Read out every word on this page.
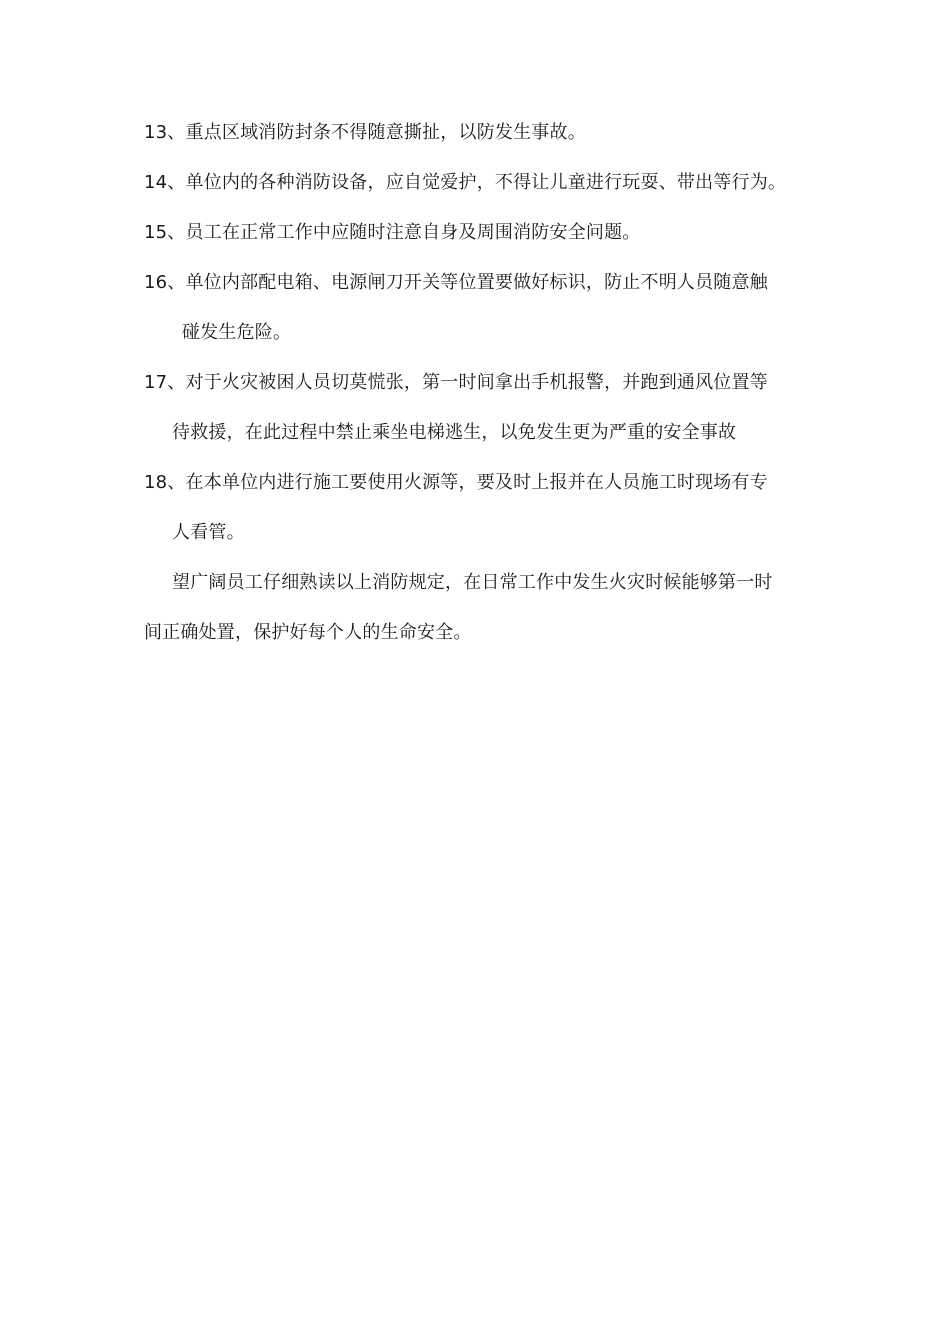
13、重点区域消防封条不得随意撕扯，以防发生事故。
14、单位内的各种消防设备，应自觉爱护，不得让儿童进行玩耍、带出等行为。
15、员工在正常工作中应随时注意自身及周围消防安全问题。
16、单位内部配电箱、电源闸刀开关等位置要做好标识，防止不明人员随意触
碰发生危险。
17、对于火灾被困人员切莫慌张，第一时间拿出手机报警，并跑到通风位置等
待救援，在此过程中禁止乘坐电梯逃生，以免发生更为严重的安全事故
18、在本单位内进行施工要使用火源等，要及时上报并在人员施工时现场有专
人看管。
望广阔员工仔细熟读以上消防规定，在日常工作中发生火灾时候能够第一时
间正确处置，保护好每个人的生命安全。
